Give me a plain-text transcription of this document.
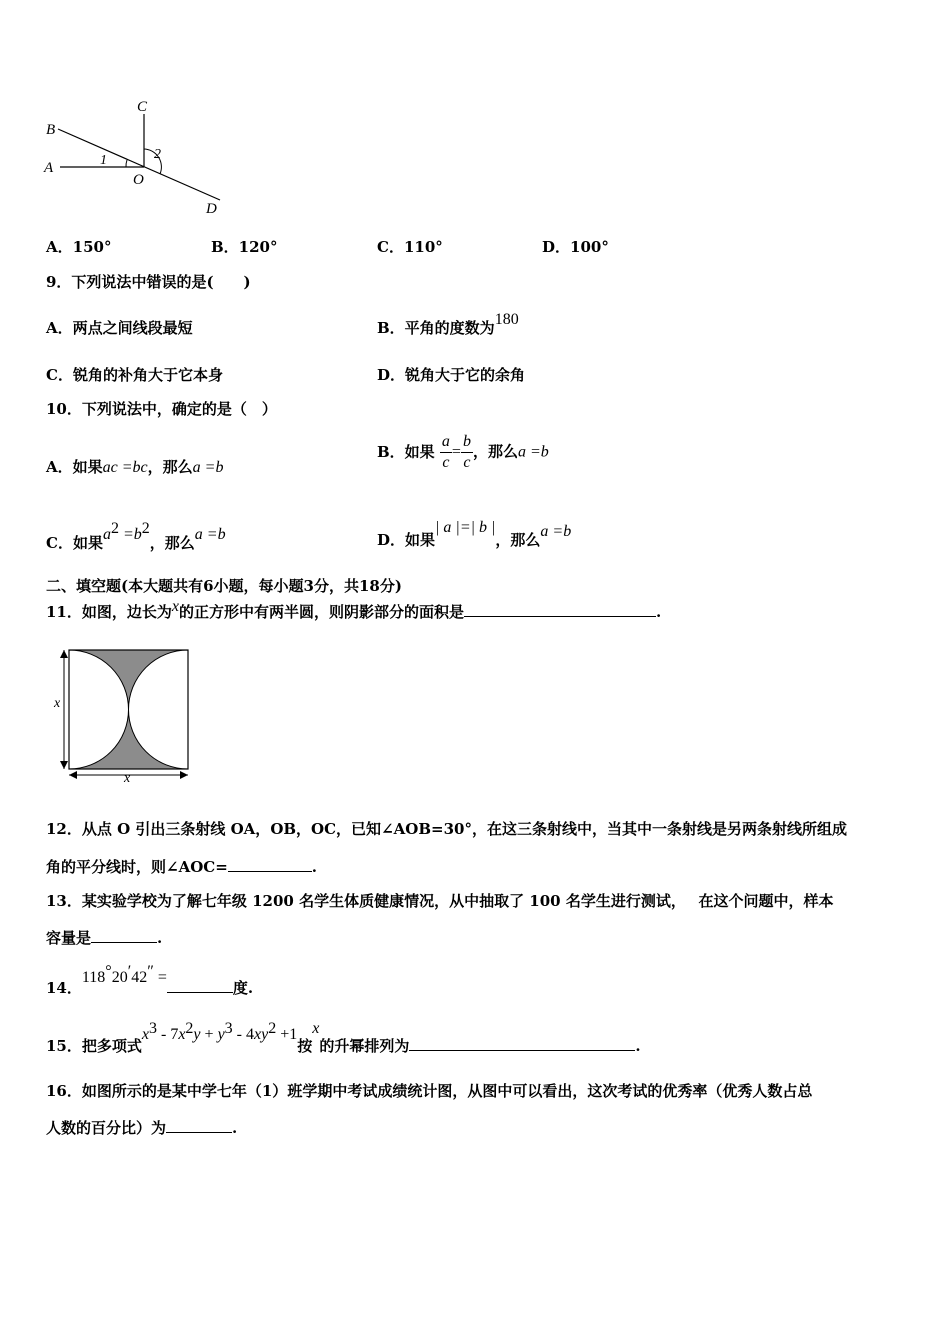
B
C
A
O
D
1	2
A．150°	B．120°	C．110°	D．100°
9．下列说法中错误的是(　　)
A．两点之间线段最短	B．平角的度数为180
C．锐角的补角大于它本身	D．锐角大于它的余角
10．下列说法中，确定的是（　）
A．如果ac =bc，那么a =b
B．如果 $\frac{a}{c} = \frac{b}{c}$ ，那么a =b
C．如果$a^2 =b^2$，那么a =b	D．如果| a |=| b |，那么a =b
二、填空题(本大题共有6小题，每小题3分，共18分)
11．如图，边长为$^x$的正方形中有两半圆，则阴影部分的面积是	.
x
x
12．从点 O 引出三条射线 OA，OB，OC，已知∠AOB=30°，在这三条射线中，当其中一条射线是另两条射线所组成
角的平分线时，则∠AOC=	.
13．某实验学校为了解七年级 1200 名学生体质健康情况，从中抽取了 100 名学生进行测试，　 在这个问题中，样本
容量是	.
14．118°20′42″ =度.
15．把多项式$x^3 - 7x^2y + y^3 - 4xy^2 +1$按$^x$的升幂排列为	.
16．如图所示的是某中学七年（1）班学期中考试成绩统计图，从图中可以看出，这次考试的优秀率（优秀人数占总
人数的百分比）为	.
